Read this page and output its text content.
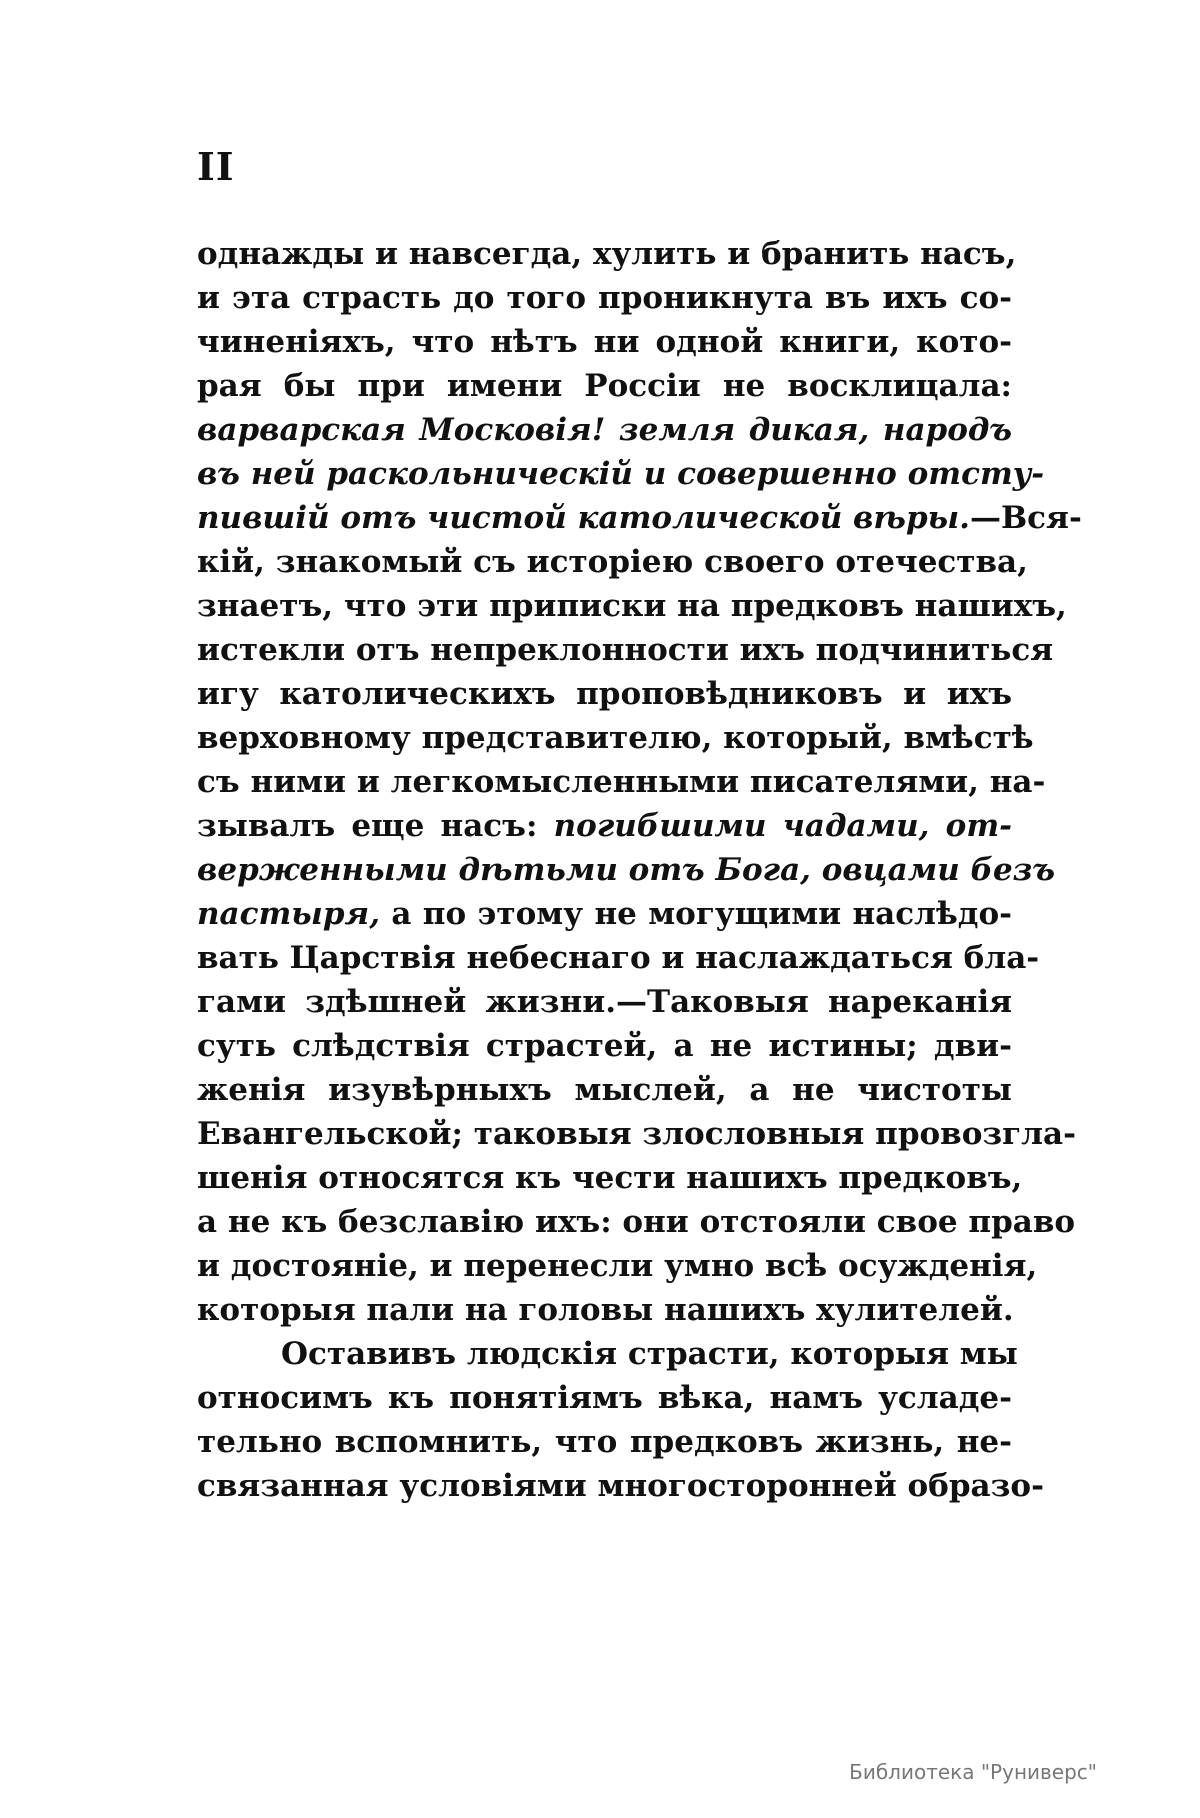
II
однажды и навсегда, хулить и бранить насъ,
и эта страсть до того проникнута въ ихъ со-
чиненіяхъ, что нѣтъ ни одной книги, кото-
рая бы при имени Россіи не восклицала:
варварская Московія! земля дикая, народъ
въ ней раскольническій и совершенно отсту-
пившій отъ чистой католической вѣры.—Вся-
кій, знакомый съ исторіею своего отечества,
знаетъ, что эти приписки на предковъ нашихъ,
истекли отъ непреклонности ихъ подчиниться
игу католическихъ проповѣдниковъ и ихъ
верховному представителю, который, вмѣстѣ
съ ними и легкомысленными писателями, на-
зывалъ еще насъ: погибшими чадами, от-
верженными дѣтьми отъ Бога, овцами безъ
пастыря, а по этому не могущими наслѣдо-
вать Царствія небеснаго и наслаждаться бла-
гами здѣшней жизни.—Таковыя нареканія
суть слѣдствія страстей, а не истины; дви-
женія изувѣрныхъ мыслей, а не чистоты
Евангельской; таковыя злословныя провозгла-
шенія относятся къ чести нашихъ предковъ,
а не къ безславію ихъ: они отстояли свое право
и достояніе, и перенесли умно всѣ осужденія,
которыя пали на головы нашихъ хулителей.
Оставивъ людскія страсти, которыя мы
относимъ къ понятіямъ вѣка, намъ усладе-
тельно вспомнить, что предковъ жизнь, не-
связанная условіями многосторонней образо-
Библиотека "Руниверс"
